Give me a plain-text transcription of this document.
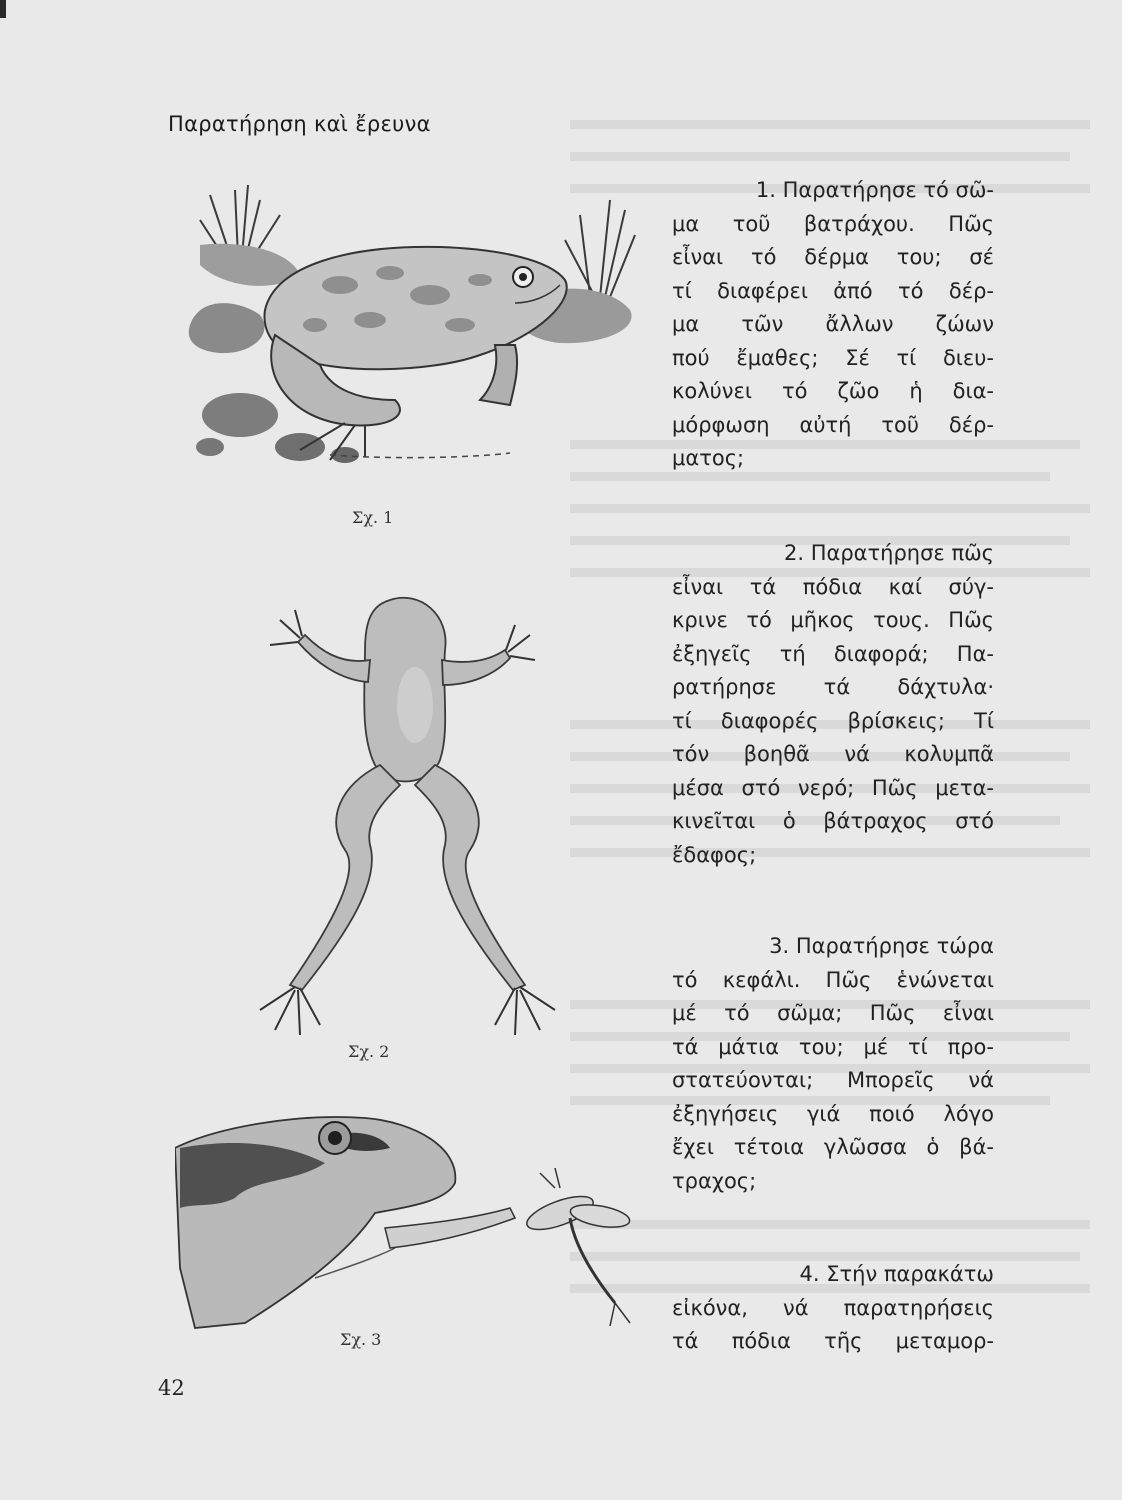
Παρατήρηση καὶ ἔρευνα
Σχ. 1
Σχ. 2
Σχ. 3
1. Παρατήρησε τό σῶ-
μα τοῦ βατράχου. Πῶς
εἶναι τό δέρμα του; σέ
τί διαφέρει ἀπό τό δέρ-
μα τῶν ἄλλων ζώων
πού ἔμαθες; Σέ τί διευ-
κολύνει τό ζῶο ἡ δια-
μόρφωση αὐτή τοῦ δέρ-
ματος;
2. Παρατήρησε πῶς
εἶναι τά πόδια καί σύγ-
κρινε τό μῆκος τους. Πῶς
ἐξηγεῖς τή διαφορά; Πα-
ρατήρησε τά δάχτυλα·
τί διαφορές βρίσκεις; Τί
τόν βοηθᾶ νά κολυμπᾶ
μέσα στό νερό; Πῶς μετα-
κινεῖται ὁ βάτραχος στό
ἔδαφος;
3. Παρατήρησε τώρα
τό κεφάλι. Πῶς ἑνώνεται
μέ τό σῶμα; Πῶς εἶναι
τά μάτια του; μέ τί προ-
στατεύονται; Μπορεῖς νά
ἐξηγήσεις γιά ποιό λόγο
ἔχει τέτοια γλῶσσα ὁ βά-
τραχος;
4. Στήν παρακάτω
εἰκόνα, νά παρατηρήσεις
τά πόδια τῆς μεταμορ-
42
